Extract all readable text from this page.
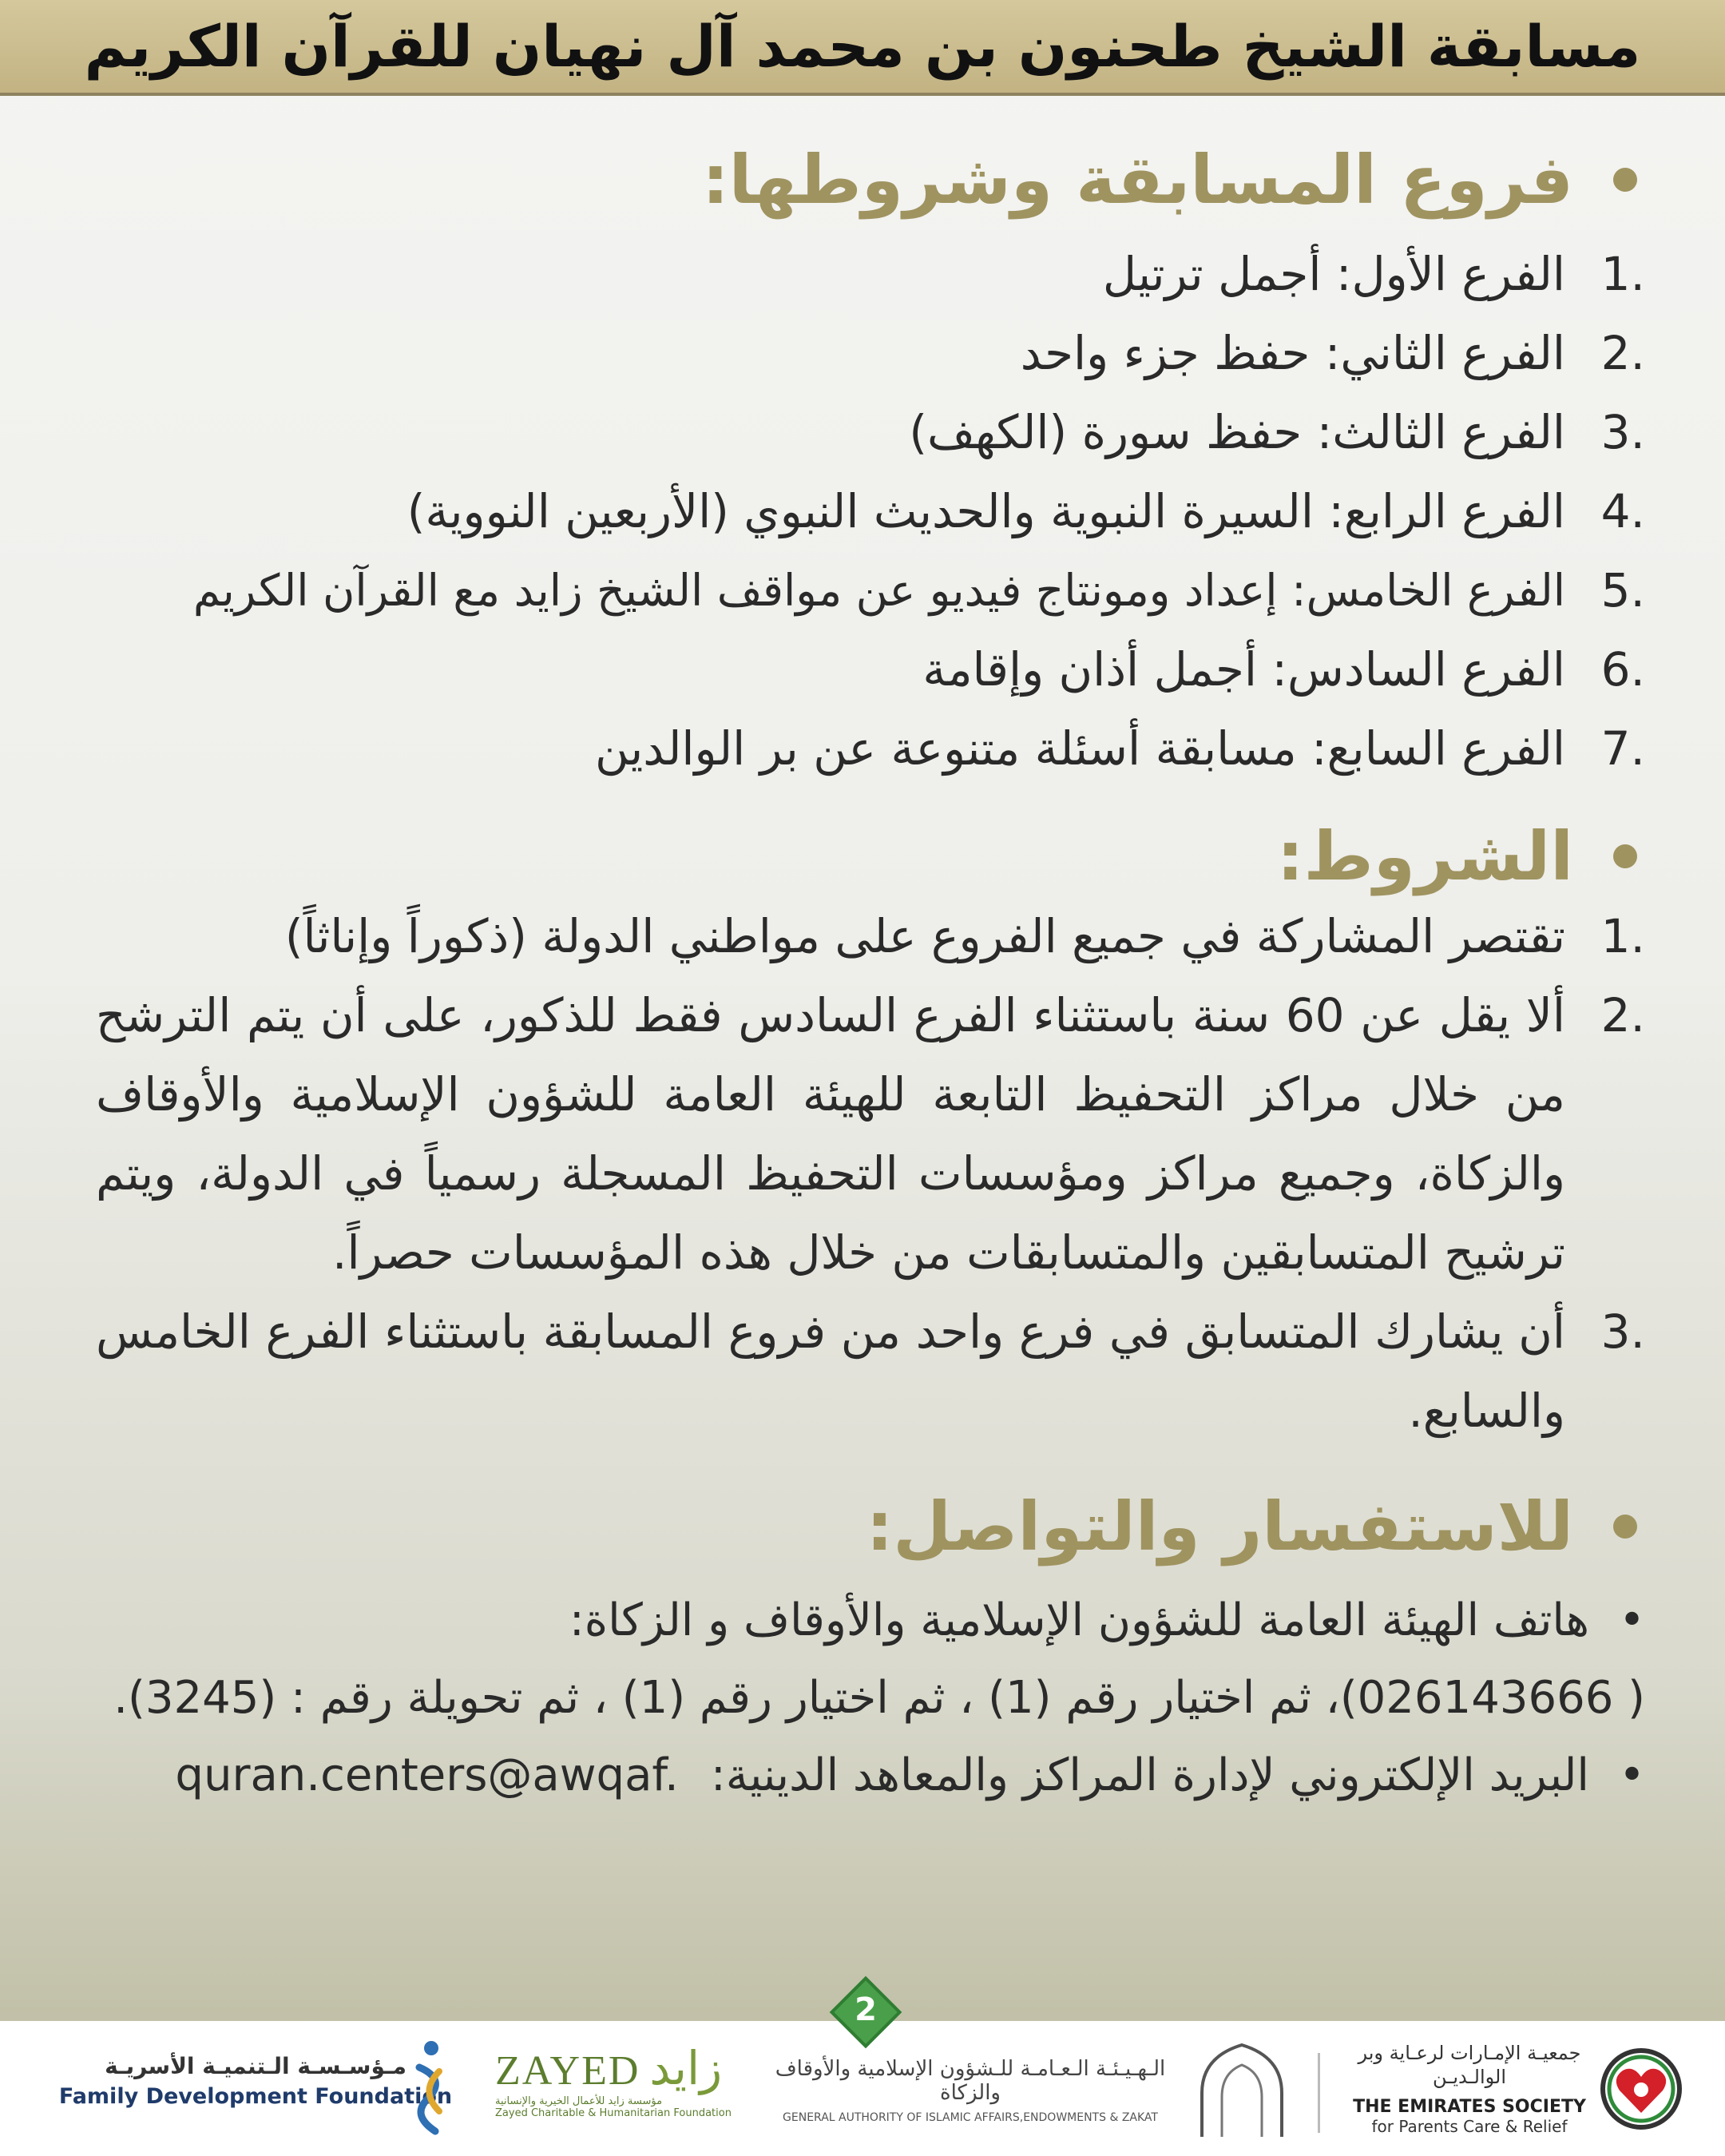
مسابقة الشيخ طحنون بن محمد آل نهيان للقرآن الكريم
فروع المسابقة وشروطها:
1.
الفرع الأول: أجمل ترتيل
2.
الفرع الثاني: حفظ جزء واحد
3.
الفرع الثالث: حفظ سورة (الكهف)
4.
الفرع الرابع: السيرة النبوية والحديث النبوي (الأربعين النووية)
5.
الفرع الخامس: إعداد ومونتاج فيديو عن مواقف الشيخ زايد مع القرآن الكريم
6.
الفرع السادس: أجمل أذان وإقامة
7.
الفرع السابع: مسابقة أسئلة متنوعة عن بر الوالدين
الشروط:
1.
تقتصر المشاركة في جميع الفروع على مواطني الدولة (ذكوراً وإناثاً)
2.
ألا يقل عن 60 سنة باستثناء الفرع السادس فقط للذكور، على أن يتم الترشح من خلال مراكز التحفيظ التابعة للهيئة العامة للشؤون الإسلامية والأوقاف والزكاة، وجميع مراكز ومؤسسات التحفيظ المسجلة رسمياً في الدولة، ويتم ترشيح المتسابقين والمتسابقات من خلال هذه المؤسسات حصراً.
3.
أن يشارك المتسابق في فرع واحد من فروع المسابقة باستثناء الفرع الخامس والسابع.
للاستفسار والتواصل:
•
هاتف الهيئة العامة للشؤون الإسلامية والأوقاف و الزكاة:
( 026143666)، ثم اختيار رقم (1) ، ثم اختيار رقم (1) ، ثم تحويلة رقم : (3245).
•
البريد الإلكتروني لإدارة المراكز والمعاهد الدينية:
quran.centers@awqaf.
مـؤسـسـة الـتنميـة الأسريـة
Family Development Foundation
ZAYED زايد
مؤسسة زايد للأعمال الخيرية والإنسانية
Zayed Charitable & Humanitarian Foundation
الـهـيـئـة الـعـامـة للـشؤون الإسلامية والأوقاف والزكاة
GENERAL AUTHORITY OF ISLAMIC AFFAIRS,ENDOWMENTS & ZAKAT
جمعيـة الإمـارات لرعـاية وبر الوالـديـن
THE EMIRATES SOCIETY
for Parents Care & Relief
2
